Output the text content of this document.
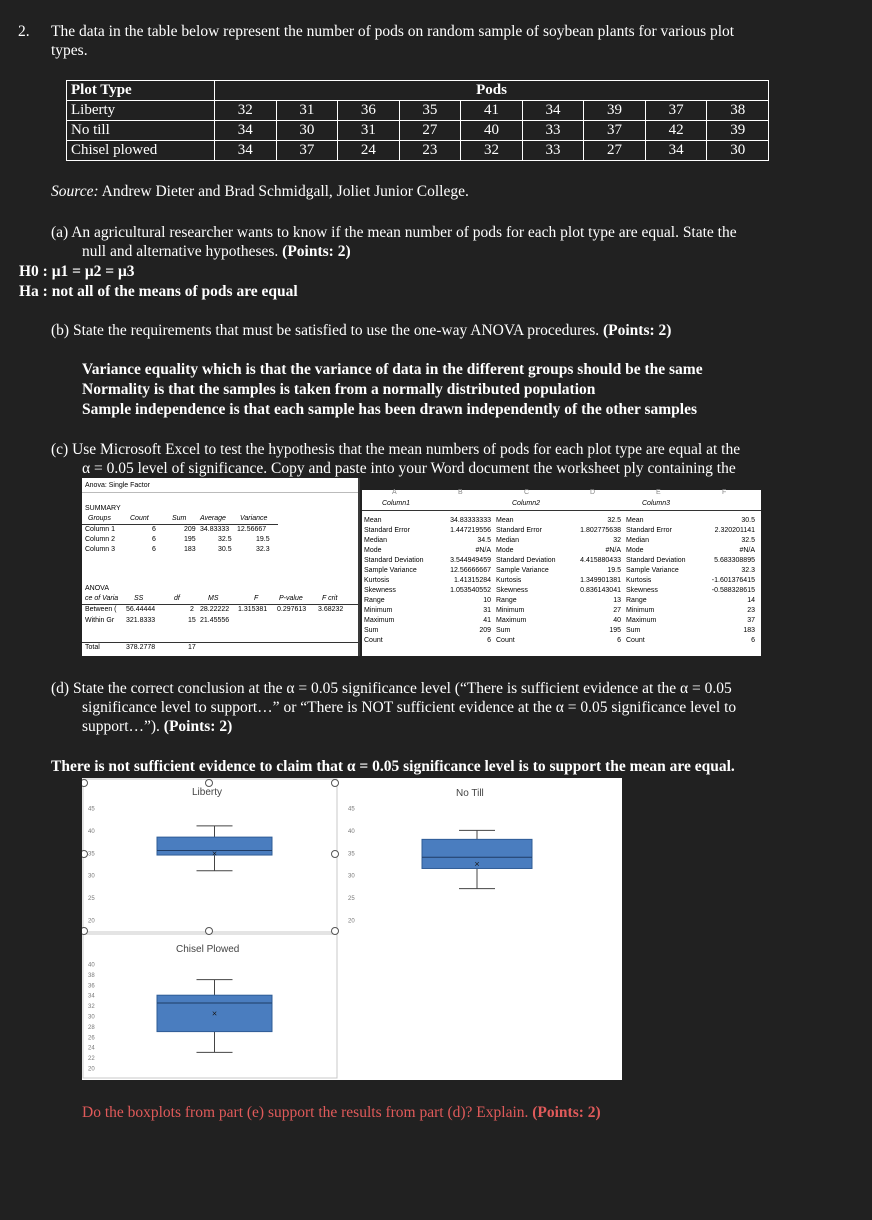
2. The data in the table below represent the number of pods on random sample of soybean plants for various plot
types.
Plot Type	Pods								
Liberty	32	31	36	35	41	34	39	37	38
No till	34	30	31	27	40	33	37	42	39
Chisel plowed	34	37	24	23	32	33	27	34	30
Source: Andrew Dieter and Brad Schmidgall, Joliet Junior College.
(a) An agricultural researcher wants to know if the mean number of pods for each plot type are equal. State the
null and alternative hypotheses. (Points: 2)
H0 : μ1 = μ2 = μ3
Ha : not all of the means of pods are equal
(b) State the requirements that must be satisfied to use the one-way ANOVA procedures. (Points: 2)
Variance equality which is that the variance of data in the different groups should be the same
Normality is that the samples is taken from a normally distributed population
Sample independence is that each sample has been drawn independently of the other samples
(c) Use Microsoft Excel to test the hypothesis that the mean numbers of pods for each plot type are equal at the
α = 0.05 level of significance. Copy and paste into your Word document the worksheet ply containing the
Anova: Single Factor
SUMMARY
Groups	Count	Sum Average Variance
Column 1	6	209 34.83333 12.56667
Column 2	6	195	32.5	19.5
Column 3	6	183	30.5	32.3
ANOVA
ce of Varia SS	df	MS	F	P-value	F crit
Between ( 56.44444	2 28.22222 1.315381 0.297613 3.68232
Within Gr 321.8333	15 21.45556
Total	378.2778	17
A	B	C	D	E	F
Column1	Column2	Column3
Mean	34.83333333 Mean	32.5 Mean	30.5
Standard Error	1.447219556 Standard Error	1.802775638 Standard Error	2.320201141
Median	34.5 Median	32 Median	32.5
Mode	#N/A Mode	#N/A Mode	#N/A
Standard Deviation	3.544949459 Standard Deviation	4.415880433 Standard Deviation	5.683308895
Sample Variance	12.56666667 Sample Variance	19.5 Sample Variance	32.3
Kurtosis	1.41315284 Kurtosis	1.349901381 Kurtosis	-1.601376415
Skewness	1.053540552 Skewness	0.836143041 Skewness	-0.588328615
Range	10 Range	13 Range	14
Minimum	31 Minimum	27 Minimum	23
Maximum	41 Maximum	40 Maximum	37
Sum	209 Sum	195 Sum	183
Count	6 Count	6 Count	6
(d) State the correct conclusion at the α = 0.05 significance level (“There is sufficient evidence at the α = 0.05
significance level to support…” or “There is NOT sufficient evidence at the α = 0.05 significance level to
support…”). (Points: 2)
There is not sufficient evidence to claim that α = 0.05 significance level is to support the mean are equal.
45
40
35
30
25
20
×
45
40
35
30
25
20
×
40
38
36
34
32
30
28
26
24
22
20
×
Liberty	No Till
Chisel Plowed
Do the boxplots from part (e) support the results from part (d)? Explain. (Points: 2)
